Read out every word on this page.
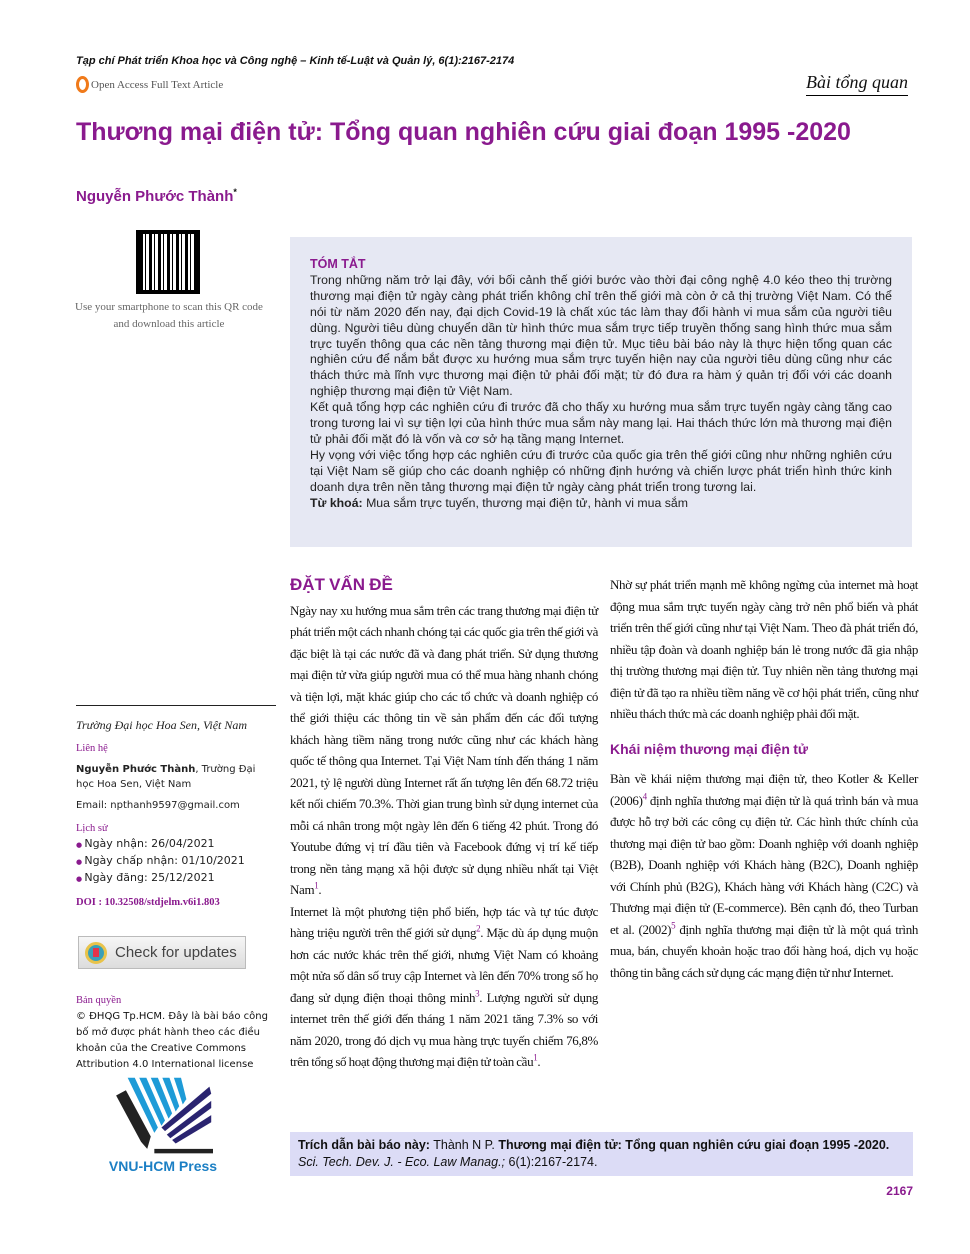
Tạp chí Phát triển Khoa học và Công nghệ – Kinh tế-Luật và Quản lý, 6(1):2167-2174
Open Access Full Text Article	Bài tổng quan
Thương mại điện tử: Tổng quan nghiên cứu giai đoạn 1995 -2020
Nguyễn Phước Thành*
Use your smartphone to scan this QR code and download this article
TÓM TẮT

Trong những năm trở lại đây, với bối cảnh thế giới bước vào thời đại công nghệ 4.0 kéo theo thị trường thương mại điện tử ngày càng phát triển không chỉ trên thế giới mà còn ở cả thị trường Việt Nam. Có thể nói từ năm 2020 đến nay, đại dịch Covid-19 là chất xúc tác làm thay đổi hành vi mua sắm của người tiêu dùng. Người tiêu dùng chuyển dần từ hình thức mua sắm trực tiếp truyền thống sang hình thức mua sắm trực tuyến thông qua các nền tảng thương mại điện tử. Mục tiêu bài báo này là thực hiện tổng quan các nghiên cứu để nắm bắt được xu hướng mua sắm trực tuyến hiện nay của người tiêu dùng cũng như các thách thức mà lĩnh vực thương mại điện tử phải đối mặt; từ đó đưa ra hàm ý quản trị đối với các doanh nghiệp thương mại điện tử Việt Nam.

Kết quả tổng hợp các nghiên cứu đi trước đã cho thấy xu hướng mua sắm trực tuyến ngày càng tăng cao trong tương lai vì sự tiện lợi của hình thức mua sắm này mang lại. Hai thách thức lớn mà thương mại điện tử phải đối mặt đó là vốn và cơ sở hạ tầng mạng Internet.

Hy vọng với việc tổng hợp các nghiên cứu đi trước của quốc gia trên thế giới cũng như những nghiên cứu tại Việt Nam sẽ giúp cho các doanh nghiệp có những định hướng và chiến lược phát triển hình thức kinh doanh dựa trên nền tảng thương mại điện tử ngày càng phát triển trong tương lai.

Từ khoá: Mua sắm trực tuyến, thương mại điện tử, hành vi mua sắm

Trường Đại học Hoa Sen, Việt Nam
Liên hệ
Nguyễn Phước Thành, Trường Đại học Hoa Sen, Việt Nam
Email: npthanh9597@gmail.com
Lịch sử
● Ngày nhận: 26/04/2021
● Ngày chấp nhận: 01/10/2021
● Ngày đăng: 25/12/2021
DOI : 10.32508/stdjelm.v6i1.803
Check for updates
Bản quyền
© ĐHQG Tp.HCM. Đây là bài báo công bố mở được phát hành theo các điều khoản của the Creative Commons Attribution 4.0 International license
VNU-HCM Press
ĐẶT VẤN ĐỀ

Ngày nay xu hướng mua sắm trên các trang thương mại điện tử phát triển một cách nhanh chóng tại các quốc gia trên thế giới và đặc biệt là tại các nước đã và đang phát triển. Sử dụng thương mại điện tử vừa giúp người mua có thể mua hàng nhanh chóng và tiện lợi, mặt khác giúp cho các tổ chức và doanh nghiệp có thể giới thiệu các thông tin về sản phẩm đến các đối tượng khách hàng tiềm năng trong nước cũng như các khách hàng quốc tế thông qua Internet. Tại Việt Nam tính đến tháng 1 năm 2021, tỷ lệ người dùng Internet rất ấn tượng lên đến 68.72 triệu kết nối chiếm 70.3%. Thời gian trung bình sử dụng internet của mỗi cá nhân trong một ngày lên đến 6 tiếng 42 phút. Trong đó Youtube đứng vị trí đầu tiên và Facebook đứng vị trí kế tiếp trong nền tảng mạng xã hội được sử dụng nhiều nhất tại Việt Nam$^1$.

Internet là một phương tiện phổ biến, hợp tác và tự túc được hàng triệu người trên thế giới sử dụng$^2$. Mặc dù áp dụng muộn hơn các nước khác trên thế giới, nhưng Việt Nam có khoảng một nửa số dân số truy cập Internet và lên đến 70% trong số họ đang sử dụng điện thoại thông minh$^3$. Lượng người sử dụng internet trên thế giới đến tháng 1 năm 2021 tăng 7.3% so với năm 2020, trong đó dịch vụ mua hàng trực tuyến chiếm 76,8% trên tổng số hoạt động thương mại điện tử toàn cầu$^1$.

Nhờ sự phát triển mạnh mẽ không ngừng của internet mà hoạt động mua sắm trực tuyến ngày càng trở nên phổ biến và phát triển trên thế giới cũng như tại Việt Nam. Theo đà phát triển đó, nhiều tập đoàn và doanh nghiệp bán lẻ trong nước đã gia nhập thị trường thương mại điện tử. Tuy nhiên nền tảng thương mại điện tử đã tạo ra nhiều tiềm năng về cơ hội phát triển, cũng như nhiều thách thức mà các doanh nghiệp phải đối mặt.

Khái niệm thương mại điện tử

Bàn về khái niệm thương mại điện tử, theo Kotler & Keller $(2006)^4$ định nghĩa thương mại điện tử là quá trình bán và mua được hỗ trợ bởi các công cụ điện tử. Các hình thức chính của thương mại điện tử bao gồm: Doanh nghiệp với doanh nghiệp (B2B), Doanh nghiệp với Khách hàng (B2C), Doanh nghiệp với Chính phủ (B2G), Khách hàng với Khách hàng (C2C) và Thương mại điện tử (E-commerce). Bên cạnh đó, theo Turban et al. $(2002)^5$ định nghĩa thương mại điện tử là một quá trình mua, bán, chuyển khoản hoặc trao đổi hàng hoá, dịch vụ hoặc thông tin bằng cách sử dụng các mạng điện tử như Internet.

Trích dẫn bài báo này: Thành N P. Thương mại điện tử: Tổng quan nghiên cứu giai đoạn 1995 -2020.
Sci. Tech. Dev. J. - Eco. Law Manag.; 6(1):2167-2174.
2167
